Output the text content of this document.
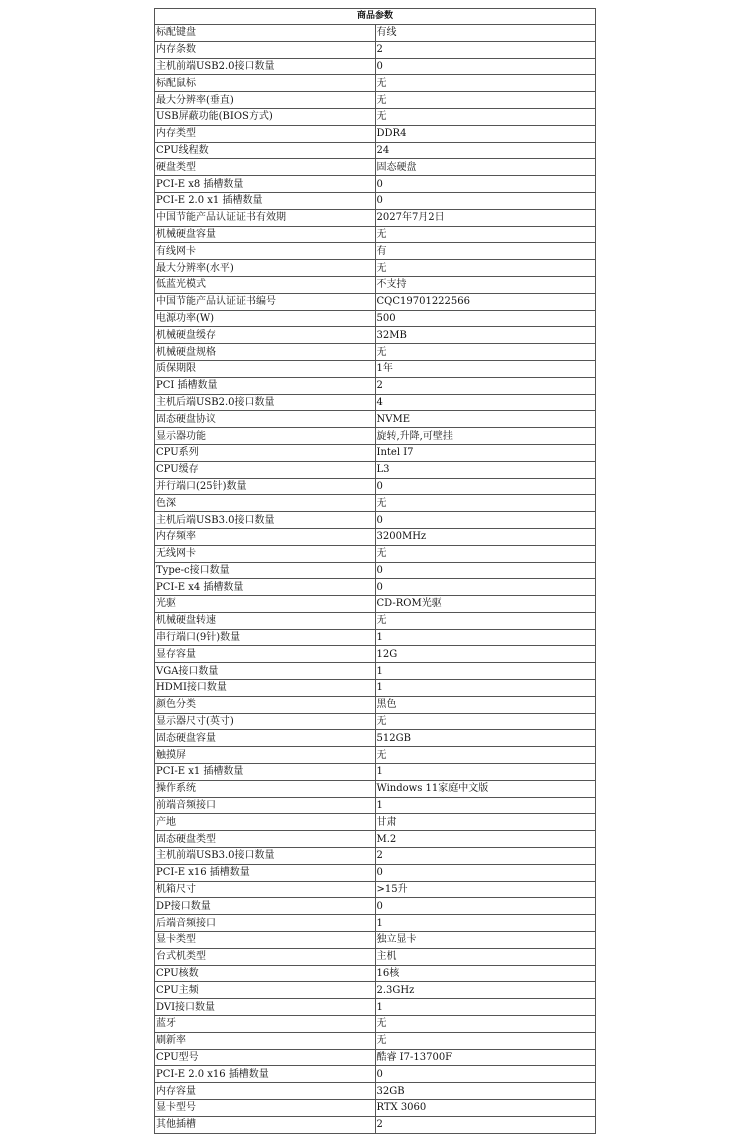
商品参数	
标配键盘	有线
内存条数	2
主机前端USB2.0接口数量	0
标配鼠标	无
最大分辨率(垂直)	无
USB屏蔽功能(BIOS方式)	无
内存类型	DDR4
CPU线程数	24
硬盘类型	固态硬盘
PCI-E x8 插槽数量	0
PCI-E 2.0 x1 插槽数量	0
中国节能产品认证证书有效期	2027年7月2日
机械硬盘容量	无
有线网卡	有
最大分辨率(水平)	无
低蓝光模式	不支持
中国节能产品认证证书编号	CQC19701222566
电源功率(W)	500
机械硬盘缓存	32MB
机械硬盘规格	无
质保期限	1年
PCI 插槽数量	2
主机后端USB2.0接口数量	4
固态硬盘协议	NVME
显示器功能	旋转,升降,可壁挂
CPU系列	Intel I7
CPU缓存	L3
并行端口(25针)数量	0
色深	无
主机后端USB3.0接口数量	0
内存频率	3200MHz
无线网卡	无
Type-c接口数量	0
PCI-E x4 插槽数量	0
光驱	CD-ROM光驱
机械硬盘转速	无
串行端口(9针)数量	1
显存容量	12G
VGA接口数量	1
HDMI接口数量	1
颜色分类	黑色
显示器尺寸(英寸)	无
固态硬盘容量	512GB
触摸屏	无
PCI-E x1 插槽数量	1
操作系统	Windows 11家庭中文版
前端音频接口	1
产地	甘肃
固态硬盘类型	M.2
主机前端USB3.0接口数量	2
PCI-E x16 插槽数量	0
机箱尺寸	>15升
DP接口数量	0
后端音频接口	1
显卡类型	独立显卡
台式机类型	主机
CPU核数	16核
CPU主频	2.3GHz
DVI接口数量	1
蓝牙	无
刷新率	无
CPU型号	酷睿 I7-13700F
PCI-E 2.0 x16 插槽数量	0
内存容量	32GB
显卡型号	RTX 3060
其他插槽	2
